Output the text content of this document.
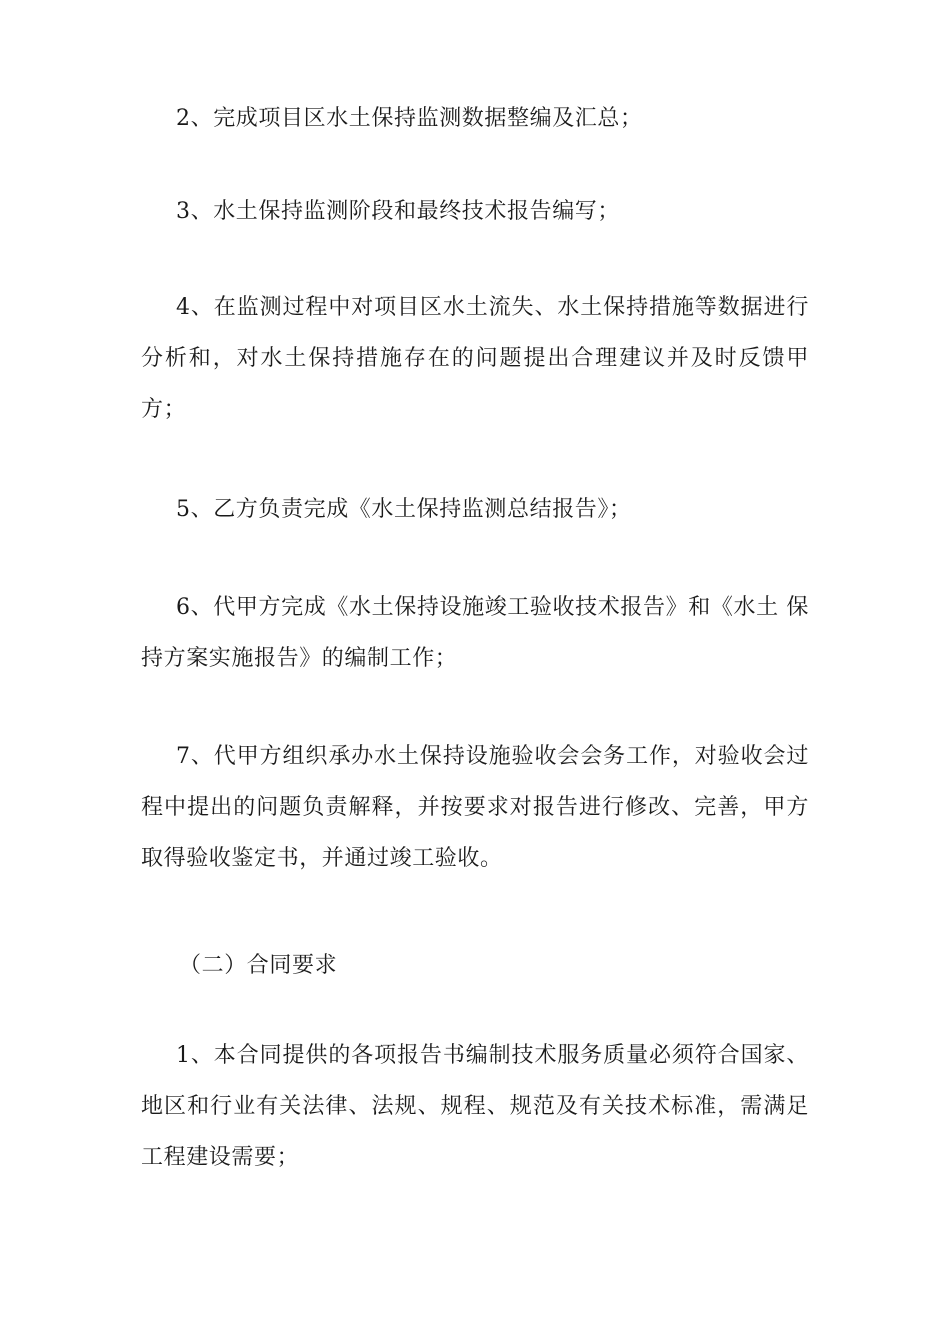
2、完成项目区水土保持监测数据整编及汇总；

3、水土保持监测阶段和最终技术报告编写；

4、在监测过程中对项目区水土流失、水土保持措施等数据进行分析和，对水土保持措施存在的问题提出合理建议并及时反馈甲方；

5、乙方负责完成《水土保持监测总结报告》；

6、代甲方完成《水土保持设施竣工验收技术报告》和《水土 保持方案实施报告》的编制工作；

7、代甲方组织承办水土保持设施验收会会务工作，对验收会过程中提出的问题负责解释，并按要求对报告进行修改、完善，甲方取得验收鉴定书，并通过竣工验收。

（二）合同要求

1、本合同提供的各项报告书编制技术服务质量必须符合国家、地区和行业有关法律、法规、规程、规范及有关技术标准，需满足工程建设需要；
